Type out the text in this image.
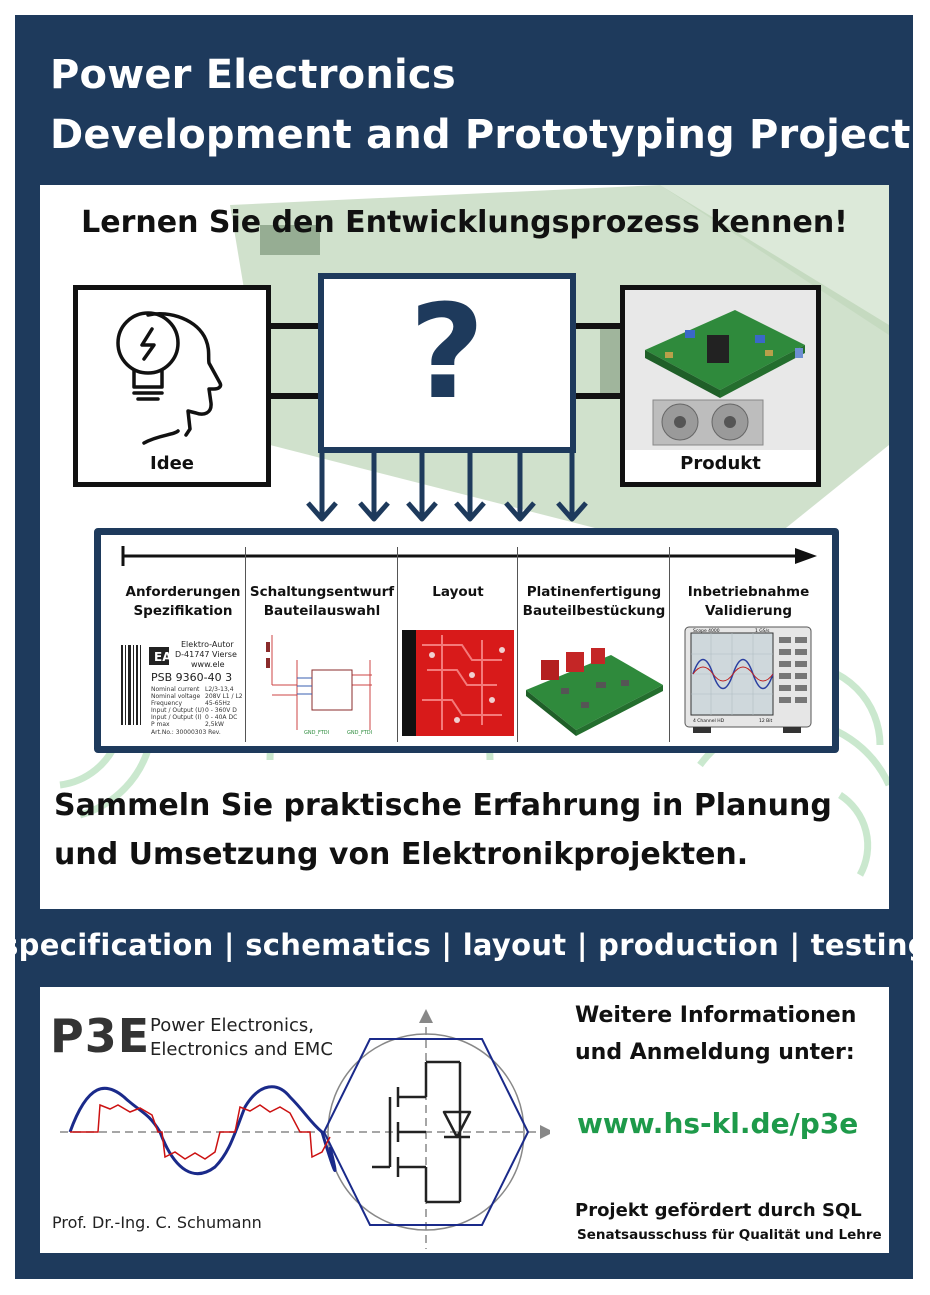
Power Electronics
Development and Prototyping Project
Lernen Sie den Entwicklungsprozess kennen!
Idee
?
Produkt
Anforderungen
Spezifikation
EA
Elektro-Autor
D-41747 Vierse
www.ele
PSB 9360-40 3
Nominal current
Nominal voltage
Frequency
Input / Output (U)
Input / Output (I)
P max
L2/3-13,4
208V L1 / L2
45-65Hz
0 - 360V D
0 - 40A DC
2,5kW
Art.No.: 30000303 Rev.
Schaltungsentwurf
Bauteilauswahl
GND_FTDI	GND_FTDI
Layout	Platinenfertigung
Bauteilbestückung
Inbetriebnahme
Validierung
Scope 4000	1 GS/s
4 Channel HD	12 Bit
Sammeln Sie praktische Erfahrung in Planung
und Umsetzung von Elektronikprojekten.
specification | schematics | layout | production | testing
P3E Power Electronics,
Electronics and EMC
Prof. Dr.-Ing. C. Schumann
Weitere Informationen
und Anmeldung unter:
www.hs-kl.de/p3e
Projekt gefördert durch SQL
Senatsausschuss für Qualität und Lehre
